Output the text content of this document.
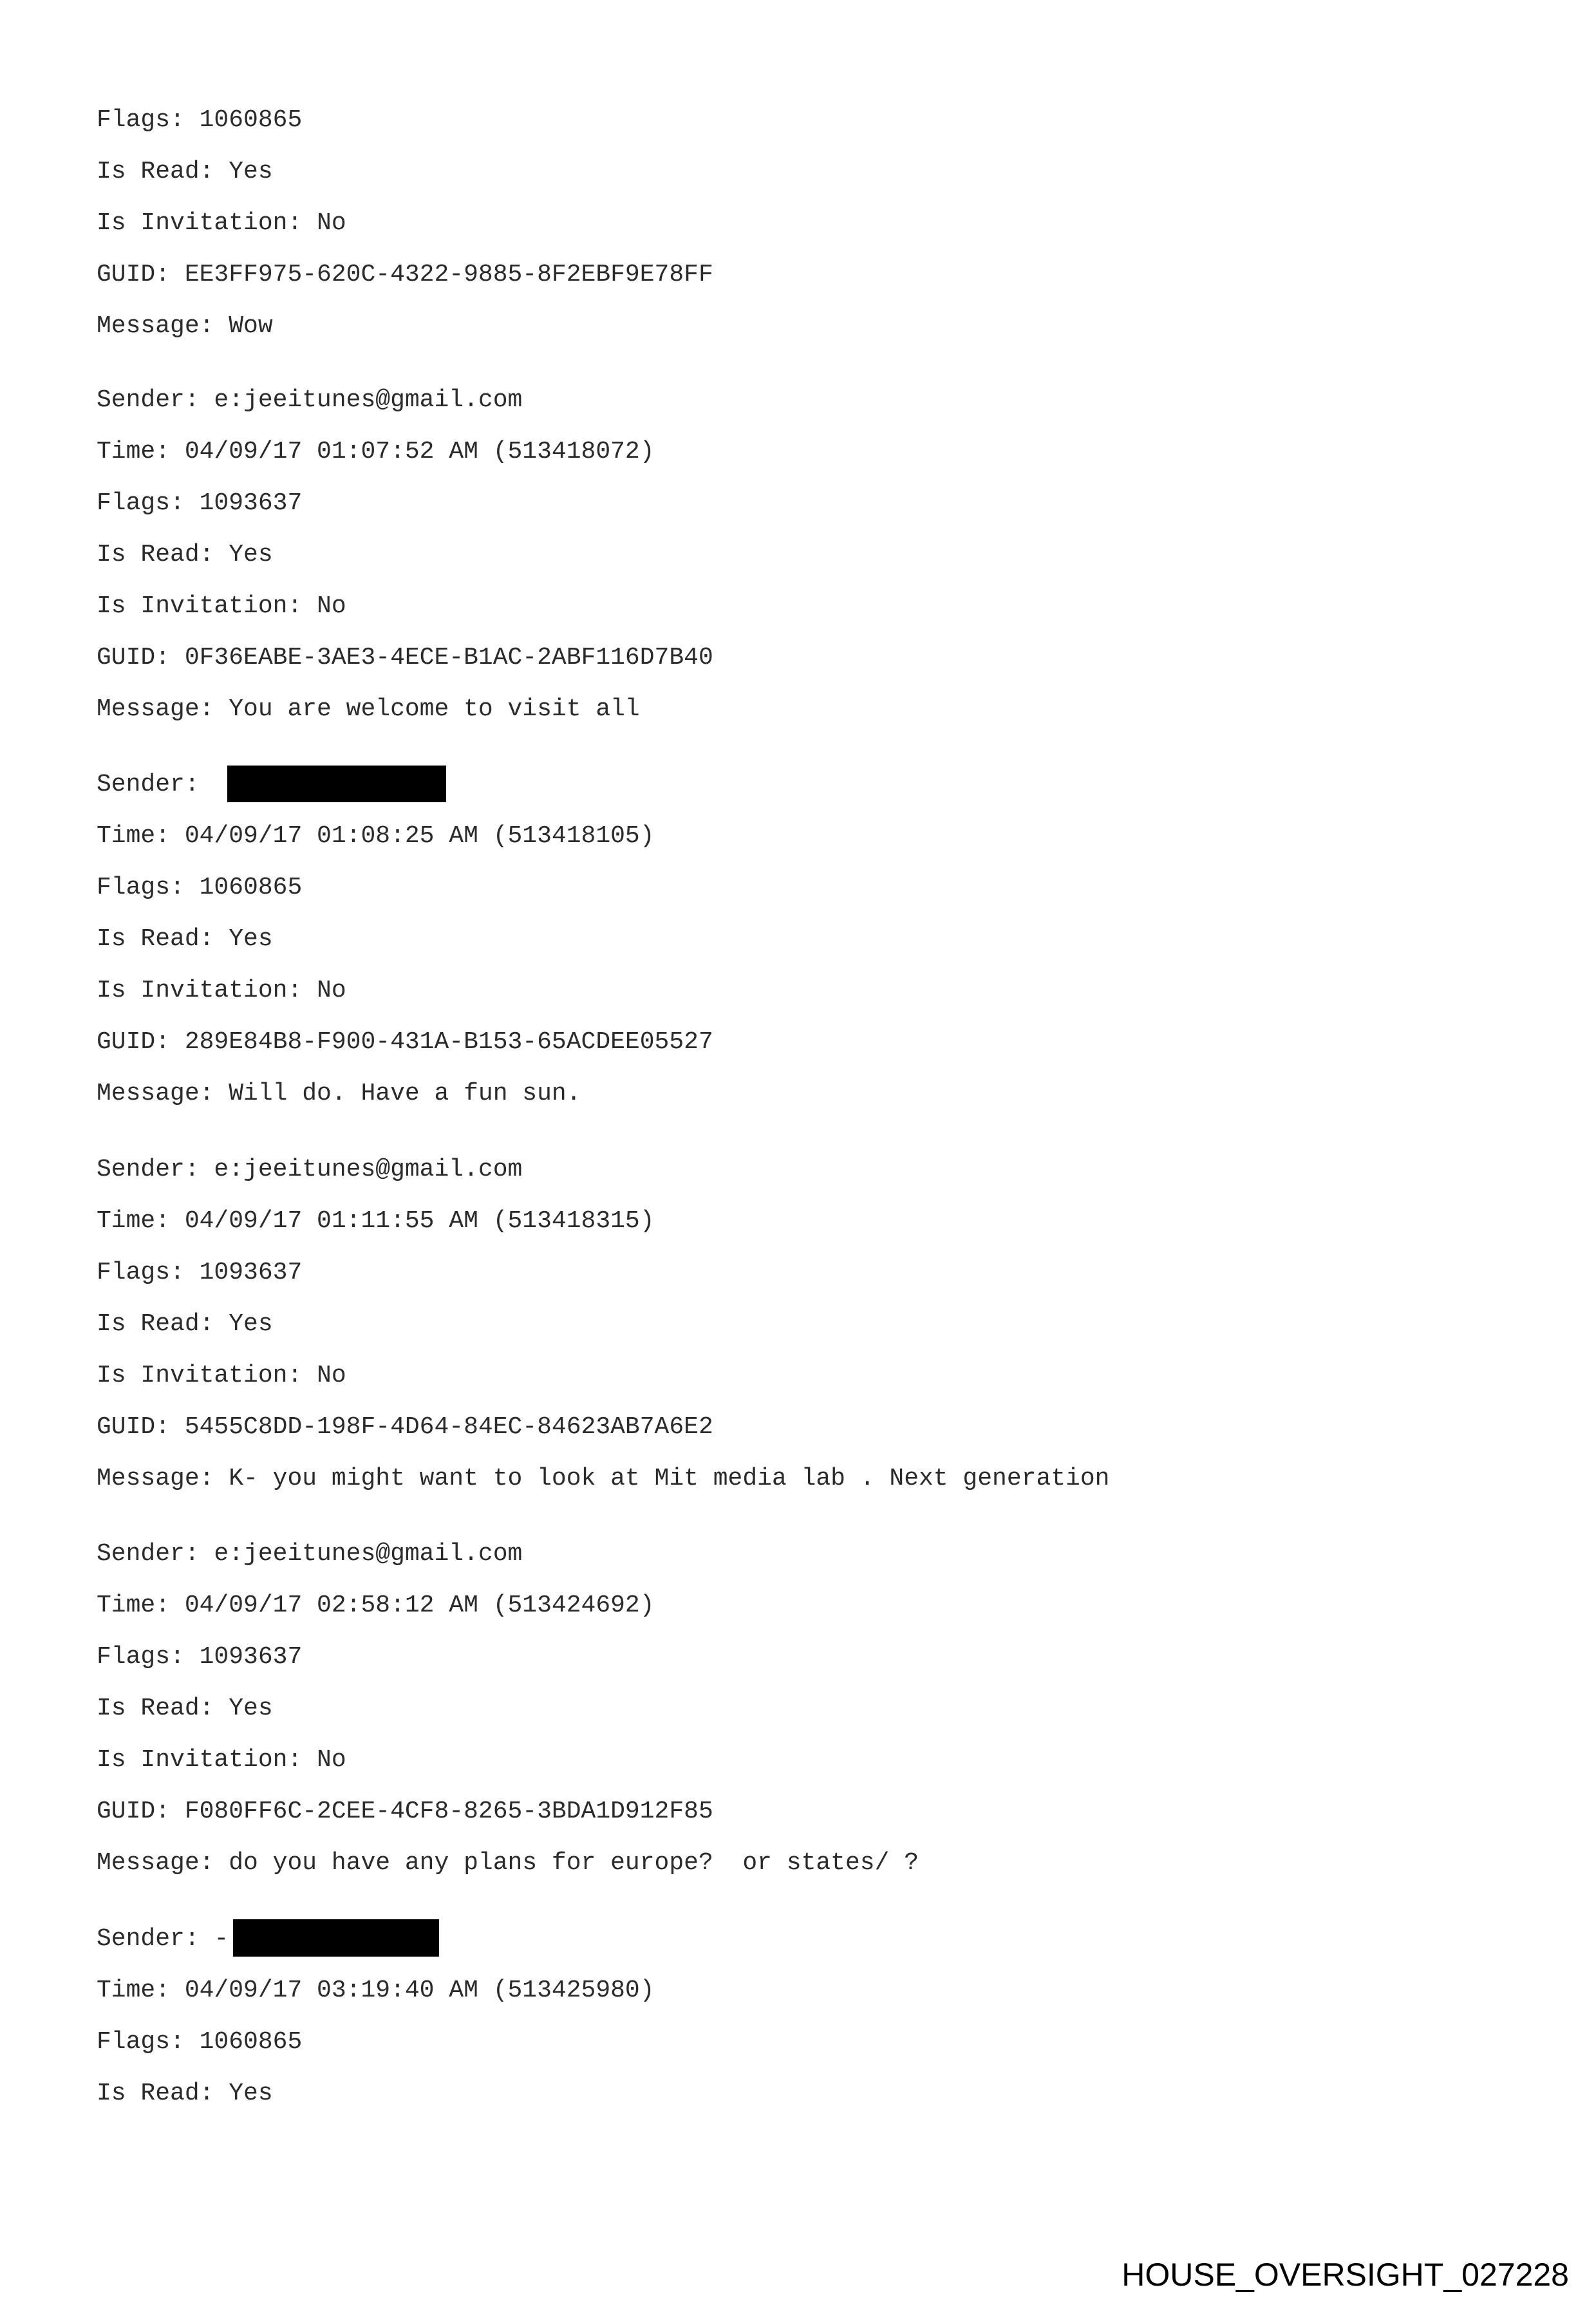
Flags: 1060865

Is Read: Yes

Is Invitation: No

GUID: EE3FF975-620C-4322-9885-8F2EBF9E78FF

Message: Wow

Sender: e:jeeitunes@gmail.com

Time: 04/09/17 01:07:52 AM (513418072)

Flags: 1093637

Is Read: Yes

Is Invitation: No

GUID: 0F36EABE-3AE3-4ECE-B1AC-2ABF116D7B40

Message: You are welcome to visit all

Sender:

Time: 04/09/17 01:08:25 AM (513418105)

Flags: 1060865

Is Read: Yes

Is Invitation: No

GUID: 289E84B8-F900-431A-B153-65ACDEE05527

Message: Will do. Have a fun sun.

Sender: e:jeeitunes@gmail.com

Time: 04/09/17 01:11:55 AM (513418315)

Flags: 1093637

Is Read: Yes

Is Invitation: No

GUID: 5455C8DD-198F-4D64-84EC-84623AB7A6E2

Message: K- you might want to look at Mit media lab . Next generation

Sender: e:jeeitunes@gmail.com

Time: 04/09/17 02:58:12 AM (513424692)

Flags: 1093637

Is Read: Yes

Is Invitation: No

GUID: F080FF6C-2CEE-4CF8-8265-3BDA1D912F85

Message: do you have any plans for europe?  or states/ ?

Sender: -

Time: 04/09/17 03:19:40 AM (513425980)

Flags: 1060865

Is Read: Yes

HOUSE_OVERSIGHT_027228
